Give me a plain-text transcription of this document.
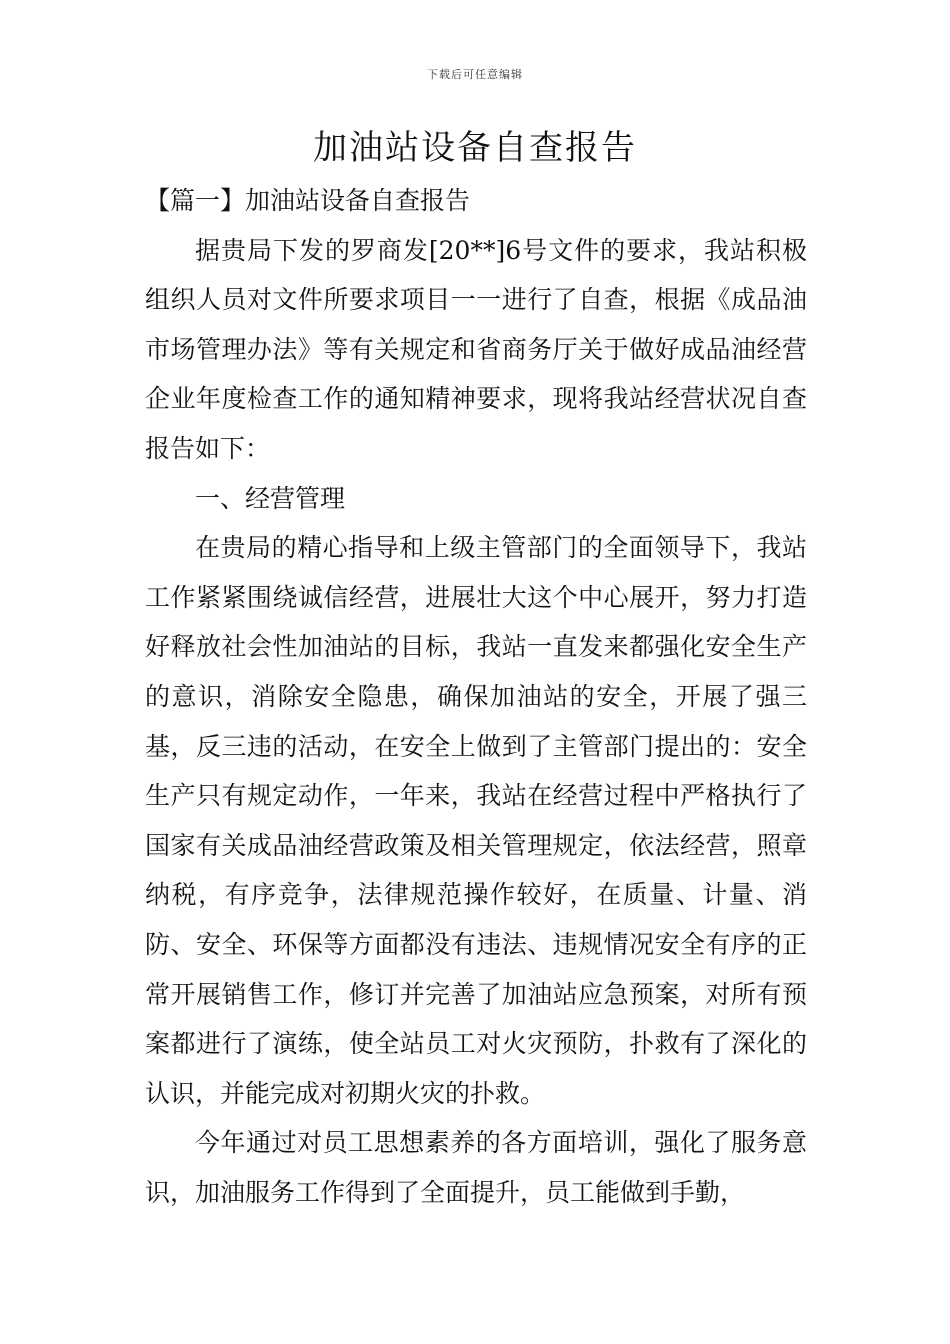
下载后可任意编辑
加油站设备自查报告

【篇一】加油站设备自查报告

据贵局下发的罗商发[20**]6号文件的要求，我站积极组织人员对文件所要求项目一一进行了自查，根据《成品油市场管理办法》等有关规定和省商务厅关于做好成品油经营企业年度检查工作的通知精神要求，现将我站经营状况自查报告如下：

一、经营管理

在贵局的精心指导和上级主管部门的全面领导下，我站工作紧紧围绕诚信经营，进展壮大这个中心展开，努力打造好释放社会性加油站的目标，我站一直发来都强化安全生产的意识，消除安全隐患，确保加油站的安全，开展了强三基，反三违的活动，在安全上做到了主管部门提出的：安全生产只有规定动作，一年来，我站在经营过程中严格执行了国家有关成品油经营政策及相关管理规定，依法经营，照章纳税，有序竞争，法律规范操作较好，在质量、计量、消防、安全、环保等方面都没有违法、违规情况安全有序的正常开展销售工作，修订并完善了加油站应急预案，对所有预案都进行了演练，使全站员工对火灾预防，扑救有了深化的认识，并能完成对初期火灾的扑救。

今年通过对员工思想素养的各方面培训，强化了服务意识，加油服务工作得到了全面提升，员工能做到手勤，
